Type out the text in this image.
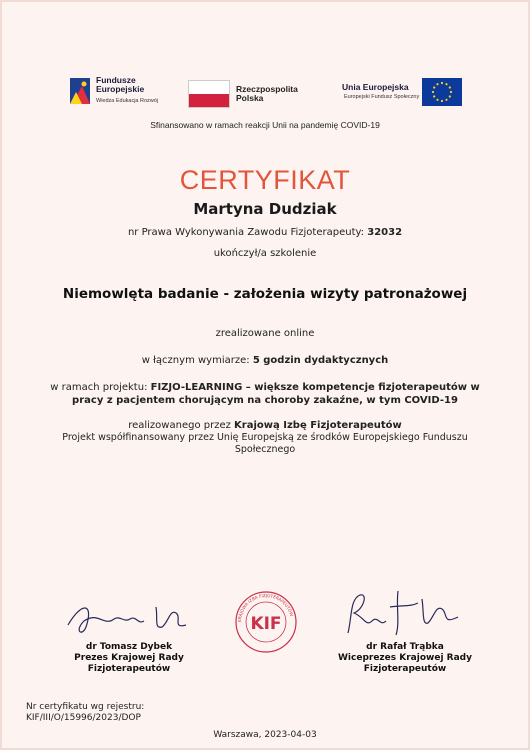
Fundusze
Europejskie
Wiedza Edukacja Rozwój
Rzeczpospolita
Polska
Unia Europejska
Europejski Fundusz Społeczny
Sfinansowano w ramach reakcji Unii na pandemię COVID-19
CERTYFIKAT
Martyna Dudziak
nr Prawa Wykonywania Zawodu Fizjoterapeuty: 32032
ukończył/a szkolenie
Niemowlęta badanie - założenia wizyty patronażowej
zrealizowane online
w łącznym wymiarze: 5 godzin dydaktycznych
w ramach projektu: FIZJO-LEARNING – większe kompetencje fizjoterapeutów w
pracy z pacjentem chorującym na choroby zakaźne, w tym COVID-19
realizowanego przez Krajową Izbę Fizjoterapeutów
Projekt współfinansowany przez Unię Europejską ze środków Europejskiego Funduszu
Społecznego
dr Tomasz Dybek
Prezes Krajowej Rady
Fizjoterapeutów
KIF
KRAJOWA IZBA FIZJOTERAPEUTÓW
dr Rafał Trąbka
Wiceprezes Krajowej Rady
Fizjoterapeutów
Nr certyfikatu wg rejestru:
KIF/III/O/15996/2023/DOP
Warszawa, 2023-04-03
